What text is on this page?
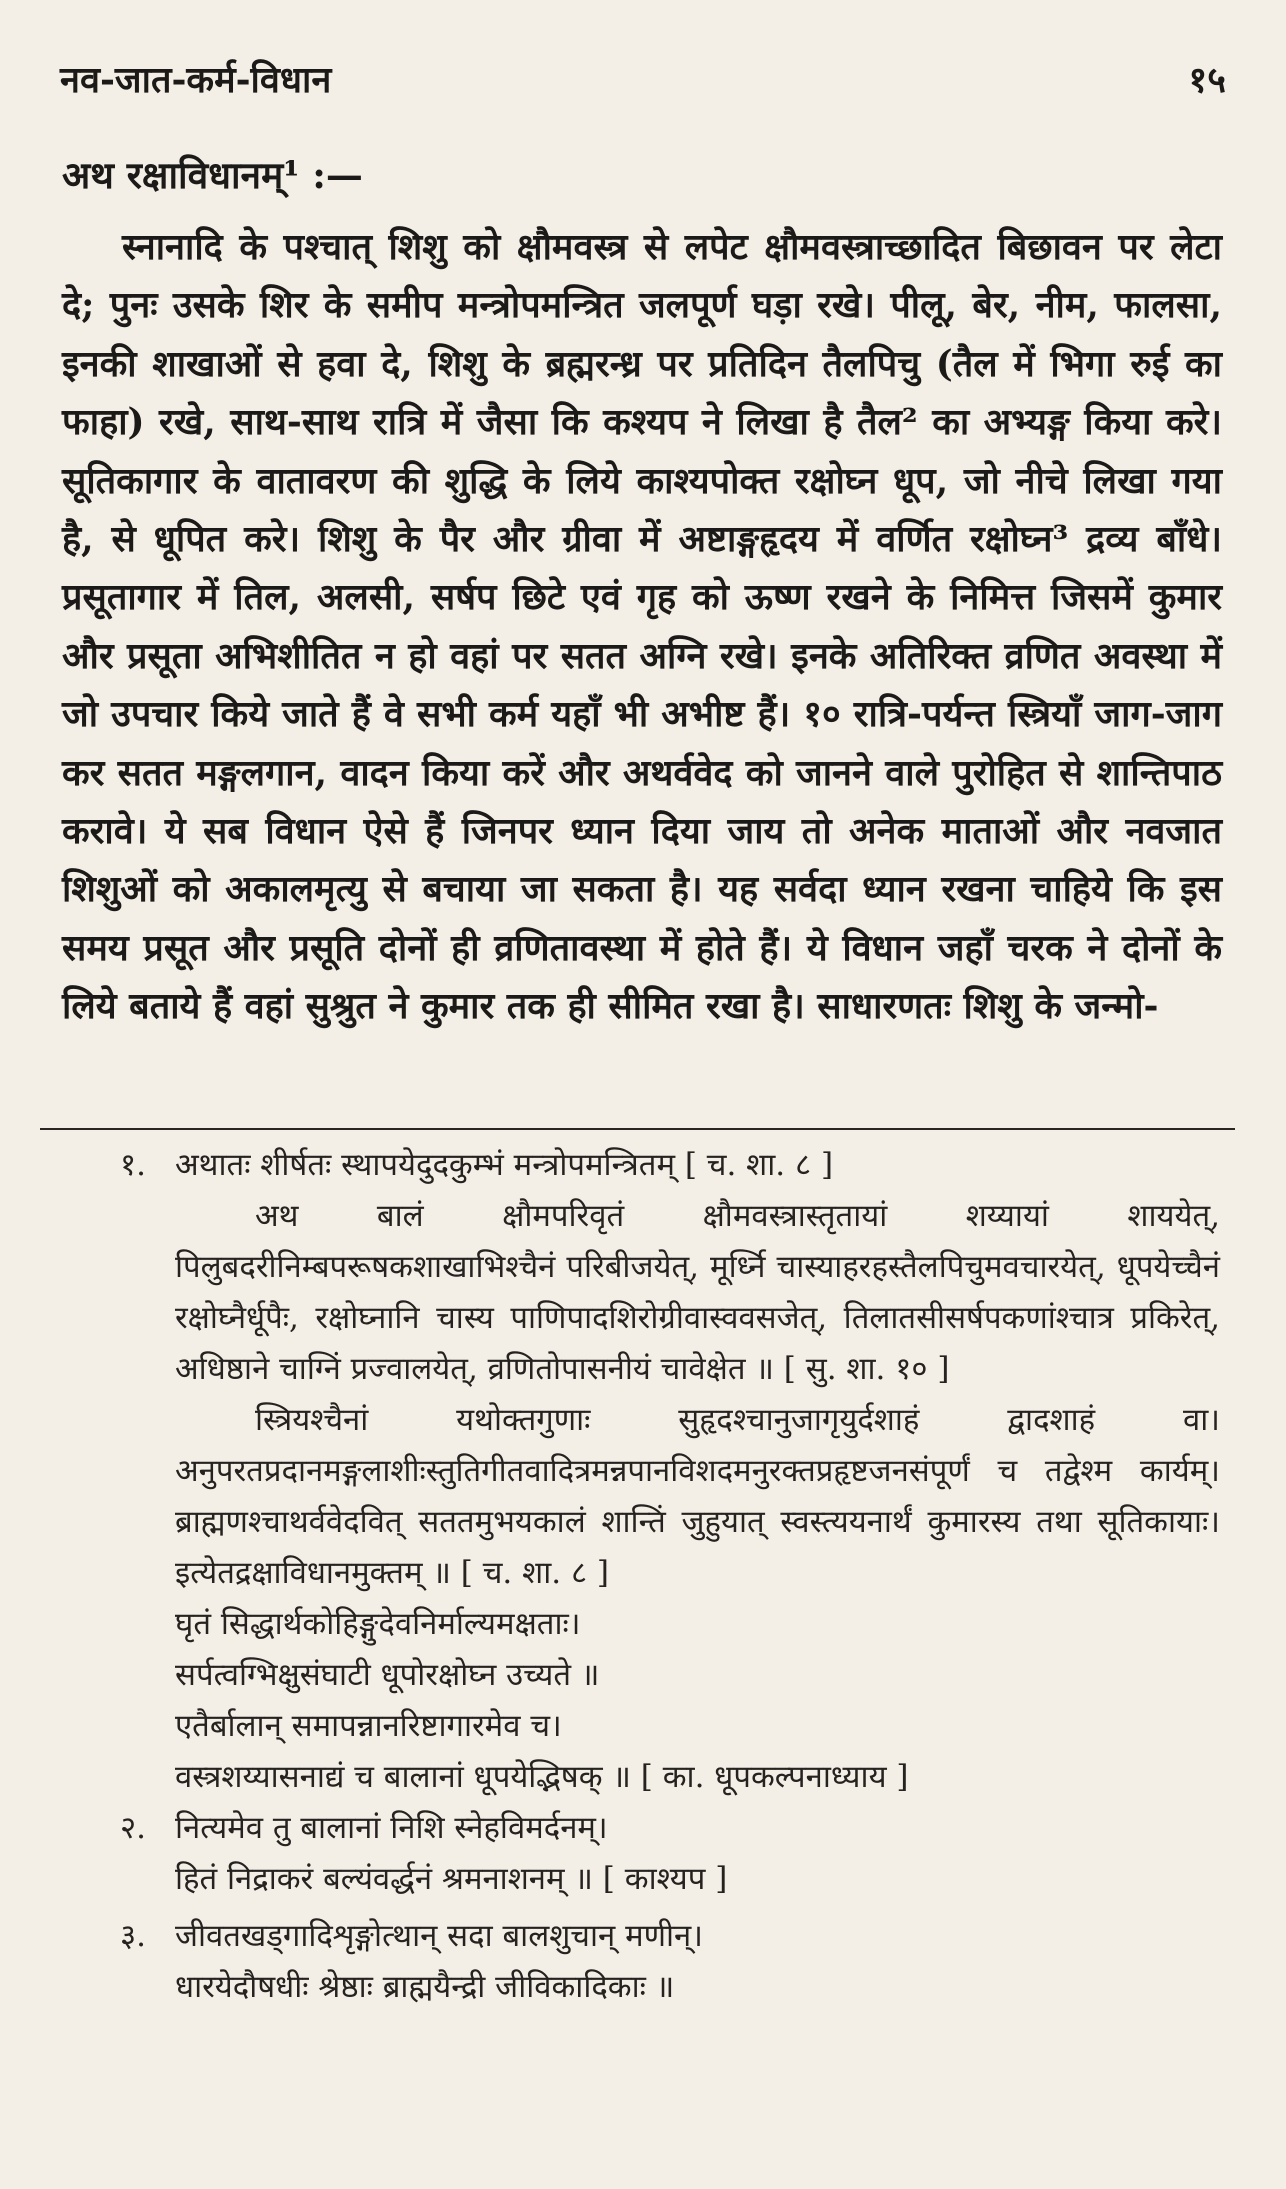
नव-जात-कर्म-विधान	१५
अथ रक्षाविधानम्¹ :—
स्नानादि के पश्चात् शिशु को क्षौमवस्त्र से लपेट क्षौमवस्त्राच्छादित बिछावन पर लेटा दे; पुनः उसके शिर के समीप मन्त्रोपमन्त्रित जलपूर्ण घड़ा रखे। पीलू, बेर, नीम, फालसा, इनकी शाखाओं से हवा दे, शिशु के ब्रह्मरन्ध्र पर प्रतिदिन तैलपिचु (तैल में भिगा रुई का फाहा) रखे, साथ-साथ रात्रि में जैसा कि कश्यप ने लिखा है तैल² का अभ्यङ्ग किया करे। सूतिकागार के वातावरण की शुद्धि के लिये काश्यपोक्त रक्षोघ्न धूप, जो नीचे लिखा गया है, से धूपित करे। शिशु के पैर और ग्रीवा में अष्टाङ्गहृदय में वर्णित रक्षोघ्न³ द्रव्य बाँधे। प्रसूतागार में तिल, अलसी, सर्षप छिटे एवं गृह को ऊष्ण रखने के निमित्त जिसमें कुमार और प्रसूता अभिशीतित न हो वहां पर सतत अग्नि रखे। इनके अतिरिक्त व्रणित अवस्था में जो उपचार किये जाते हैं वे सभी कर्म यहाँ भी अभीष्ट हैं। १० रात्रि-पर्यन्त स्त्रियाँ जाग-जाग कर सतत मङ्गलगान, वादन किया करें और अथर्ववेद को जानने वाले पुरोहित से शान्तिपाठ करावे। ये सब विधान ऐसे हैं जिनपर ध्यान दिया जाय तो अनेक माताओं और नवजात शिशुओं को अकालमृत्यु से बचाया जा सकता है। यह सर्वदा ध्यान रखना चाहिये कि इस समय प्रसूत और प्रसूति दोनों ही व्रणितावस्था में होते हैं। ये विधान जहाँ चरक ने दोनों के लिये बताये हैं वहां सुश्रुत ने कुमार तक ही सीमित रखा है। साधारणतः शिशु के जन्मो-
१. अथातः शीर्षतः स्थापयेदुदकुम्भं मन्त्रोपमन्त्रितम् [ च. शा. ८ ]

अथ बालं क्षौमपरिवृतं क्षौमवस्त्रास्तृतायां शय्यायां शाययेत्, पिलुबदरीनिम्बपरूषकशाखाभिश्चैनं परिबीजयेत्, मूर्ध्नि चास्याहरहस्तैलपिचुमवचारयेत्, धूपयेच्चैनं रक्षोघ्नैर्धूपैः, रक्षोघ्नानि चास्य पाणिपादशिरोग्रीवास्ववसजेत्, तिलातसीसर्षपकणांश्चात्र प्रकिरेत्, अधिष्ठाने चाग्निं प्रज्वालयेत्, व्रणितोपासनीयं चावेक्षेत ॥ [ सु. शा. १० ]

स्त्रियश्चैनां यथोक्तगुणाः सुहृदश्चानुजागृयुर्दशाहं द्वादशाहं वा। अनुपरतप्रदानमङ्गलाशीःस्तुतिगीतवादित्रमन्नपानविशदमनुरक्तप्रहृष्टजनसंपूर्णं च तद्वेश्म कार्यम्। ब्राह्मणश्चाथर्ववेदवित् सततमुभयकालं शान्तिं जुहुयात् स्वस्त्ययनार्थं कुमारस्य तथा सूतिकायाः। इत्येतद्रक्षाविधानमुक्तम् ॥ [ च. शा. ८ ]

घृतं सिद्धार्थकोहिङ्गुदेवनिर्माल्यमक्षताः।

सर्पत्वग्भिक्षुसंघाटी धूपोरक्षोघ्न उच्यते ॥

एतैर्बालान् समापन्नानरिष्टागारमेव च।

वस्त्रशय्यासनाद्यं च बालानां धूपयेद्भिषक् ॥ [ का. धूपकल्पनाध्याय ]

२. नित्यमेव तु बालानां निशि स्नेहविमर्दनम्।

हितं निद्राकरं बल्यंवर्द्धनं श्रमनाशनम् ॥ [ काश्यप ]

३. जीवतखड्गादिशृङ्गोत्थान् सदा बालशुचान् मणीन्।

धारयेदौषधीः श्रेष्ठाः ब्राह्मयैन्द्री जीविकादिकाः ॥
